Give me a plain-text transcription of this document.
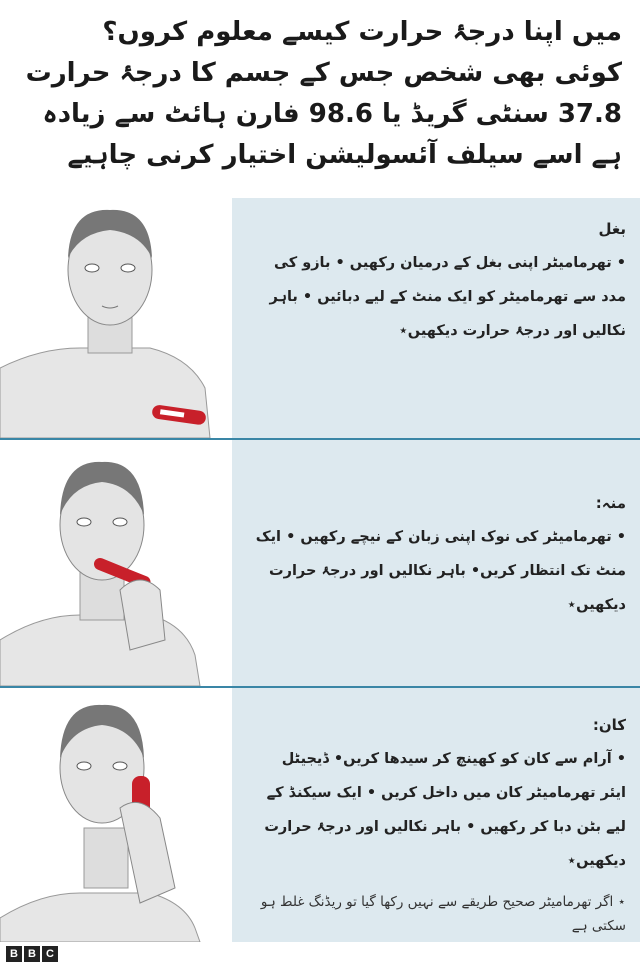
میں اپنا درجۂ حرارت کیسے معلوم کروں؟
کوئی بھی شخص جس کے جسم کا درجۂ حرارت 37.8 سنٹی گریڈ یا 98.6 فارن ہائٹ سے زیادہ ہے اسے سیلف آئسولیشن اختیار کرنی چاہیے
بغل
• تھرمامیٹر اپنی بغل کے درمیان رکھیں • بازو کی مدد سے تھرمامیٹر کو ایک منٹ کے لیے دبائیں • باہر نکالیں اور درجۂ حرارت دیکھیں⋆
منہ:
• تھرمامیٹر کی نوک اپنی زبان کے نیچے رکھیں • ایک منٹ تک انتظار کریں• باہر نکالیں اور درجۂ حرارت دیکھیں⋆
کان:
• آرام سے کان کو کھینچ کر سیدھا کریں• ڈیجیٹل ایئر تھرمامیٹر کان میں داخل کریں • ایک سیکنڈ کے لیے بٹن دبا کر رکھیں • باہر نکالیں اور درجۂ حرارت دیکھیں⋆
⋆ اگر تھرمامیٹر صحیح طریقے سے نہیں رکھا گیا تو ریڈنگ غلط ہو سکتی ہے
B B C
